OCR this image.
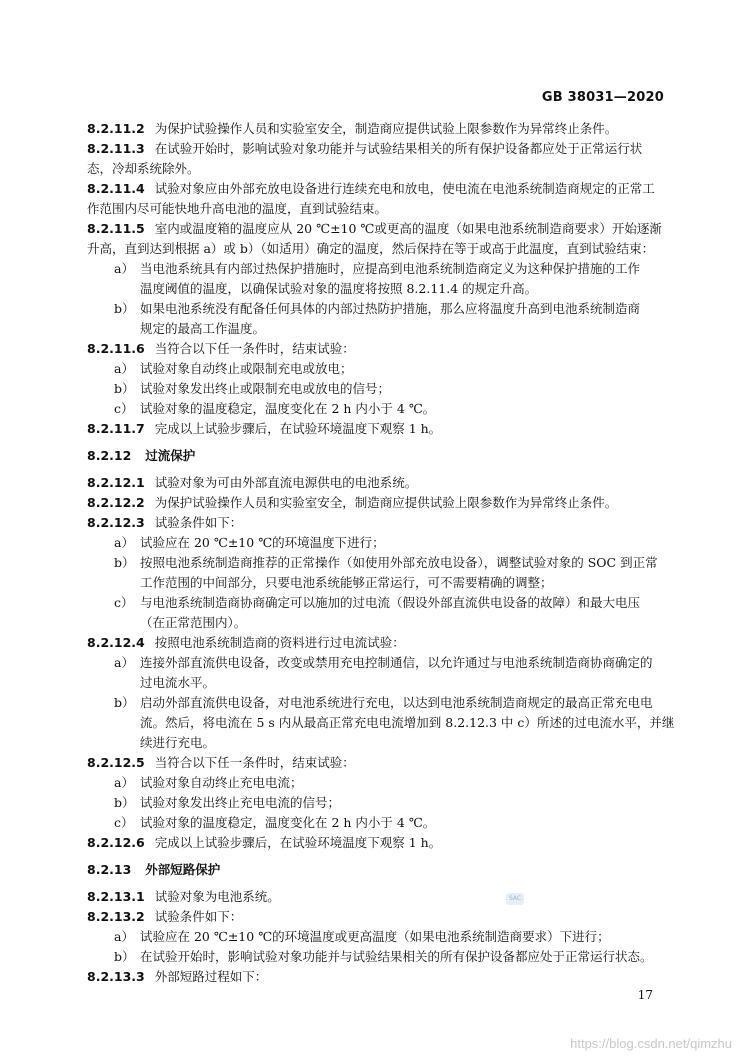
GB 38031—2020
8.2.11.2 为保护试验操作人员和实验室安全，制造商应提供试验上限参数作为异常终止条件。
8.2.11.3 在试验开始时，影响试验对象功能并与试验结果相关的所有保护设备都应处于正常运行状
态，冷却系统除外。
8.2.11.4 试验对象应由外部充放电设备进行连续充电和放电，使电流在电池系统制造商规定的正常工
作范围内尽可能快地升高电池的温度，直到试验结束。
8.2.11.5 室内或温度箱的温度应从 20 ℃±10 ℃或更高的温度（如果电池系统制造商要求）开始逐渐
升高，直到达到根据 a）或 b）（如适用）确定的温度，然后保持在等于或高于此温度，直到试验结束：
a） 当电池系统具有内部过热保护措施时，应提高到电池系统制造商定义为这种保护措施的工作
温度阈值的温度，以确保试验对象的温度将按照 8.2.11.4 的规定升高。
b） 如果电池系统没有配备任何具体的内部过热防护措施，那么应将温度升高到电池系统制造商
规定的最高工作温度。
8.2.11.6 当符合以下任一条件时，结束试验：
a） 试验对象自动终止或限制充电或放电；
b） 试验对象发出终止或限制充电或放电的信号；
c） 试验对象的温度稳定，温度变化在 2 h 内小于 4 ℃。
8.2.11.7 完成以上试验步骤后，在试验环境温度下观察 1 h。
8.2.12 过流保护
8.2.12.1 试验对象为可由外部直流电源供电的电池系统。
8.2.12.2 为保护试验操作人员和实验室安全，制造商应提供试验上限参数作为异常终止条件。
8.2.12.3 试验条件如下：
a） 试验应在 20 ℃±10 ℃的环境温度下进行；
b） 按照电池系统制造商推荐的正常操作（如使用外部充放电设备），调整试验对象的 SOC 到正常
工作范围的中间部分，只要电池系统能够正常运行，可不需要精确的调整；
c） 与电池系统制造商协商确定可以施加的过电流（假设外部直流供电设备的故障）和最大电压
（在正常范围内）。
8.2.12.4 按照电池系统制造商的资料进行过电流试验：
a） 连接外部直流供电设备，改变或禁用充电控制通信，以允许通过与电池系统制造商协商确定的
过电流水平。
b） 启动外部直流供电设备，对电池系统进行充电，以达到电池系统制造商规定的最高正常充电电
流。然后，将电流在 5 s 内从最高正常充电电流增加到 8.2.12.3 中 c）所述的过电流水平，并继
续进行充电。
8.2.12.5 当符合以下任一条件时，结束试验：
a） 试验对象自动终止充电电流；
b） 试验对象发出终止充电电流的信号；
c） 试验对象的温度稳定，温度变化在 2 h 内小于 4 ℃。
8.2.12.6 完成以上试验步骤后，在试验环境温度下观察 1 h。
8.2.13 外部短路保护
8.2.13.1 试验对象为电池系统。
8.2.13.2 试验条件如下：
a） 试验应在 20 ℃±10 ℃的环境温度或更高温度（如果电池系统制造商要求）下进行；
b） 在试验开始时，影响试验对象功能并与试验结果相关的所有保护设备都应处于正常运行状态。
8.2.13.3 外部短路过程如下：
SAC
17
https://blog.csdn.net/qimzhu
